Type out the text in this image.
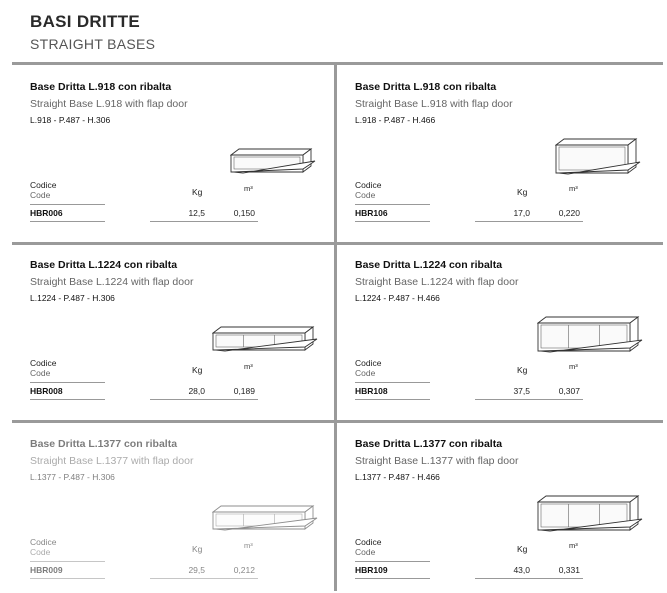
BASI DRITTE
STRAIGHT BASES
Base Dritta L.918 con ribalta
Straight Base L.918 with flap door
L.918 - P.487 - H.306
Codice
Code	Kg	m³
HBR006	12,5	0,150
Base Dritta L.918 con ribalta
Straight Base L.918 with flap door
L.918 - P.487 - H.466
Codice
Code	Kg	m³
HBR106	17,0	0,220
Base Dritta L.1224 con ribalta
Straight Base L.1224 with flap door
L.1224 - P.487 - H.306
Codice
Code	Kg	m³
HBR008	28,0	0,189
Base Dritta L.1224 con ribalta
Straight Base L.1224 with flap door
L.1224 - P.487 - H.466
Codice
Code	Kg	m³
HBR108	37,5	0,307
Base Dritta L.1377 con ribalta
Straight Base L.1377 with flap door
L.1377 - P.487 - H.306
Codice
Code	Kg	m³
HBR009	29,5	0,212
Base Dritta L.1377 con ribalta
Straight Base L.1377 with flap door
L.1377 - P.487 - H.466
Codice
Code	Kg	m³
HBR109	43,0	0,331
